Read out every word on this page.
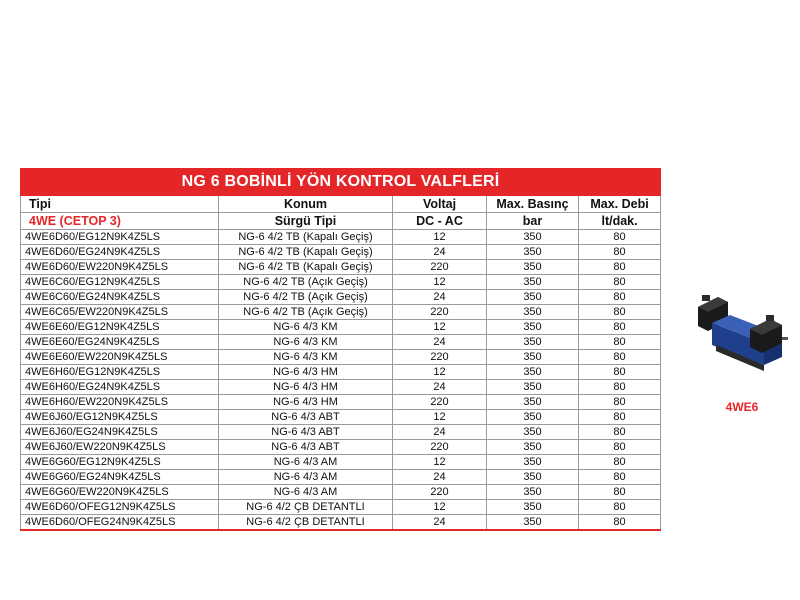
NG 6 BOBİNLİ YÖN KONTROL VALFLERİ				
Tipi	Konum	Voltaj	Max. Basınç	Max. Debi
4WE (CETOP 3)	Sürgü Tipi	DC - AC	bar	lt/dak.
4WE6D60/EG12N9K4Z5LS	NG-6 4/2 TB (Kapalı Geçiş)	12	350	80
4WE6D60/EG24N9K4Z5LS	NG-6 4/2 TB (Kapalı Geçiş)	24	350	80
4WE6D60/EW220N9K4Z5LS	NG-6 4/2 TB (Kapalı Geçiş)	220	350	80
4WE6C60/EG12N9K4Z5LS	NG-6 4/2 TB (Açık Geçiş)	12	350	80
4WE6C60/EG24N9K4Z5LS	NG-6 4/2 TB (Açık Geçiş)	24	350	80
4WE6C65/EW220N9K4Z5LS	NG-6 4/2 TB (Açık Geçiş)	220	350	80
4WE6E60/EG12N9K4Z5LS	NG-6 4/3 KM	12	350	80
4WE6E60/EG24N9K4Z5LS	NG-6 4/3 KM	24	350	80
4WE6E60/EW220N9K4Z5LS	NG-6 4/3 KM	220	350	80
4WE6H60/EG12N9K4Z5LS	NG-6 4/3 HM	12	350	80
4WE6H60/EG24N9K4Z5LS	NG-6 4/3 HM	24	350	80
4WE6H60/EW220N9K4Z5LS	NG-6 4/3 HM	220	350	80
4WE6J60/EG12N9K4Z5LS	NG-6 4/3 ABT	12	350	80
4WE6J60/EG24N9K4Z5LS	NG-6 4/3 ABT	24	350	80
4WE6J60/EW220N9K4Z5LS	NG-6 4/3 ABT	220	350	80
4WE6G60/EG12N9K4Z5LS	NG-6 4/3 AM	12	350	80
4WE6G60/EG24N9K4Z5LS	NG-6 4/3 AM	24	350	80
4WE6G60/EW220N9K4Z5LS	NG-6 4/3 AM	220	350	80
4WE6D60/OFEG12N9K4Z5LS	NG-6 4/2 ÇB DETANTLI	12	350	80
4WE6D60/OFEG24N9K4Z5LS	NG-6 4/2 ÇB DETANTLI	24	350	80
4WE6
